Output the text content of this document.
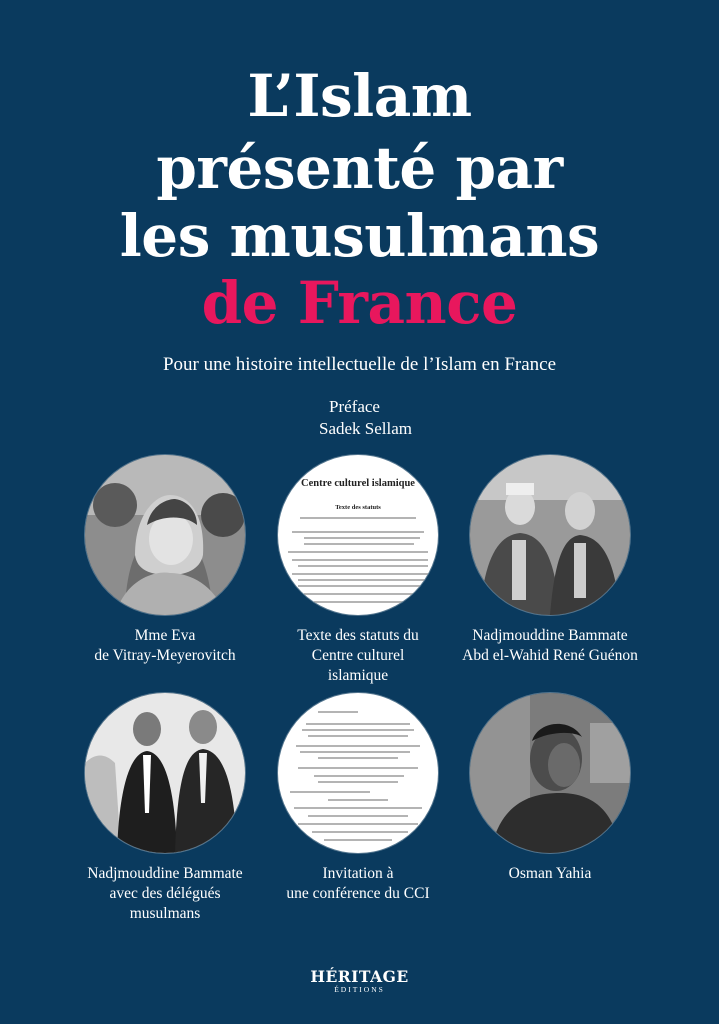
L’Islam
présenté par
les musulmans
de France
Pour une histoire intellectuelle de l’Islam en France
Préface
Sadek Sellam
Centre culturel islamique
Texte des statuts
Mme Eva
de Vitray-Meyerovitch
Texte des statuts du
Centre culturel
islamique
Nadjmouddine Bammate
Abd el-Wahid René Guénon
Nadjmouddine Bammate
avec des délégués
musulmans
Invitation à
une conférence du CCI
Osman Yahia
HÉRITAGE
ÉDITIONS
